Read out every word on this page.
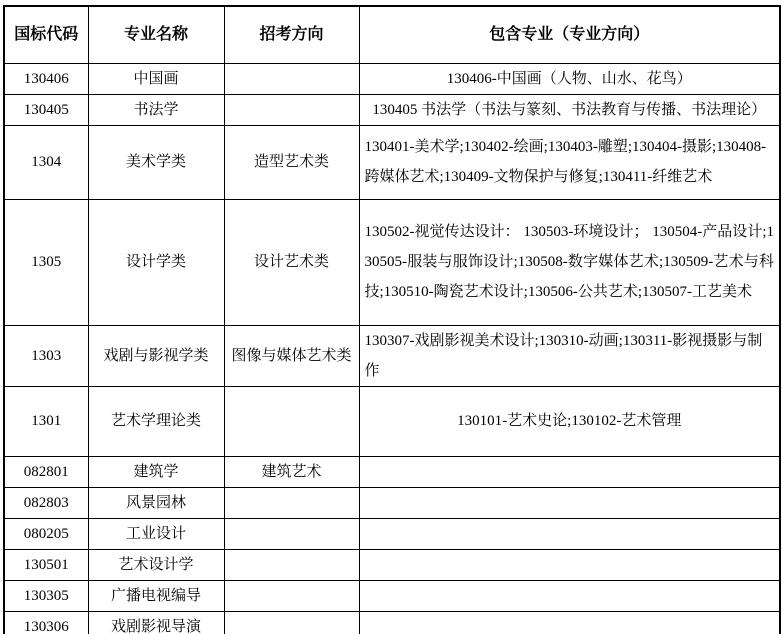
国标代码	专业名称	招考方向	包含专业（专业方向）
130406	中国画		130406-中国画（人物、山水、花鸟）
130405	书法学		130405 书法学（书法与篆刻、书法教育与传播、书法理论）
1304	美术学类	造型艺术类	130401-美术学;130402-绘画;130403-雕塑;130404-摄影;130408-跨媒体艺术;130409-文物保护与修复;130411-纤维艺术
1305	设计学类	设计艺术类	130502-视觉传达设计： 130503-环境设计； 130504-产品设计;130505-服装与服饰设计;130508-数字媒体艺术;130509-艺术与科技;130510-陶瓷艺术设计;130506-公共艺术;130507-工艺美术
1303	戏剧与影视学类	图像与媒体艺术类	130307-戏剧影视美术设计;130310-动画;130311-影视摄影与制作
1301	艺术学理论类		130101-艺术史论;130102-艺术管理
082801	建筑学	建筑艺术	
082803	风景园林		
080205	工业设计		
130501	艺术设计学		
130305	广播电视编导		
130306	戏剧影视导演		
